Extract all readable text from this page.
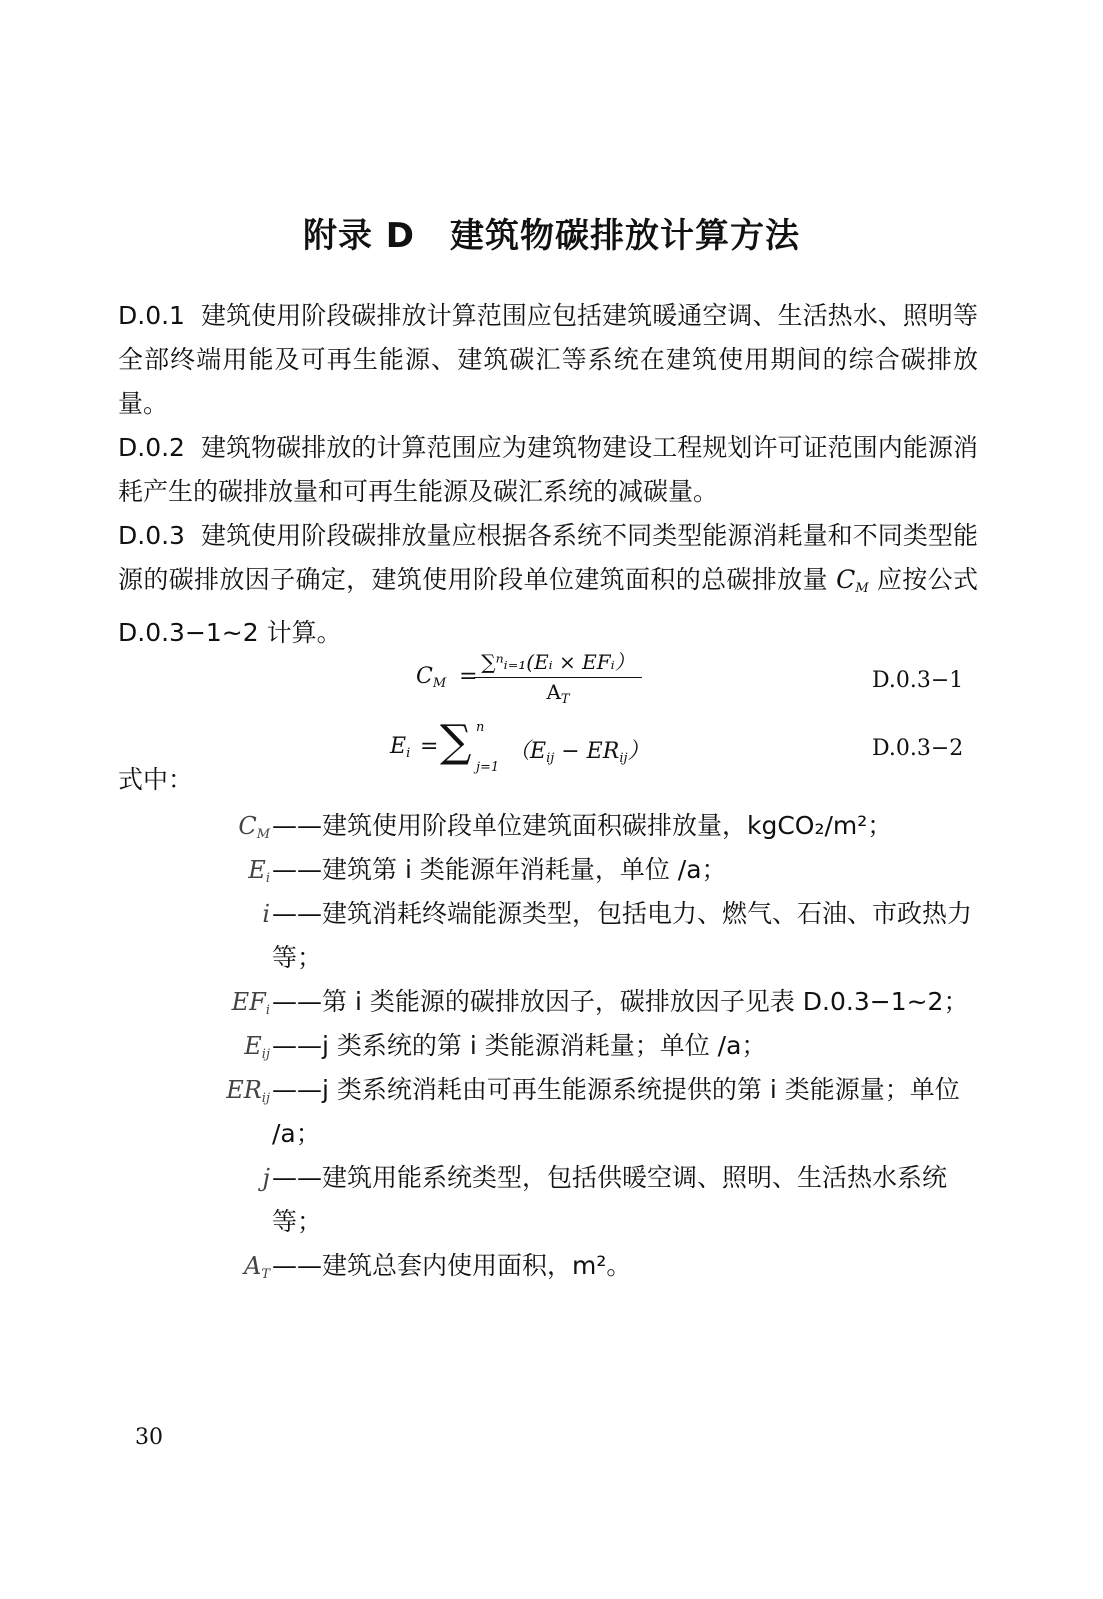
附录 D　建筑物碳排放计算方法
D.0.1 建筑使用阶段碳排放计算范围应包括建筑暖通空调、生活热水、照明等全部终端用能及可再生能源、建筑碳汇等系统在建筑使用期间的综合碳排放量。
D.0.2 建筑物碳排放的计算范围应为建筑物建设工程规划许可证范围内能源消耗产生的碳排放量和可再生能源及碳汇系统的减碳量。
D.0.3 建筑使用阶段碳排放量应根据各系统不同类型能源消耗量和不同类型能源的碳排放因子确定，建筑使用阶段单位建筑面积的总碳排放量 $C_M$ 应按公式 D.0.3−1~2 计算。
$C_M$ =
∑ⁿᵢ₌₁(Eᵢ × EFᵢ）
$A_T$
D.0.3−1
$E_i$ = ∑ n
j=1
$(E_{ij} - ER_{ij})$	D.0.3−2
式中：
$C_M$ ——建筑使用阶段单位建筑面积碳排放量，kgCO₂/m²；
$E_i$ ——建筑第 i 类能源年消耗量，单位 /a；
i ——建筑消耗终端能源类型，包括电力、燃气、石油、市政热力等；
$EF_i$ ——第 i 类能源的碳排放因子，碳排放因子见表 D.0.3−1~2；
$E_{ij}$ ——j 类系统的第 i 类能源消耗量；单位 /a；
$ER_{ij}$ ——j 类系统消耗由可再生能源系统提供的第 i 类能源量；单位 /a；
j ——建筑用能系统类型，包括供暖空调、照明、生活热水系统等；
$A_T$ ——建筑总套内使用面积，m²。
30
